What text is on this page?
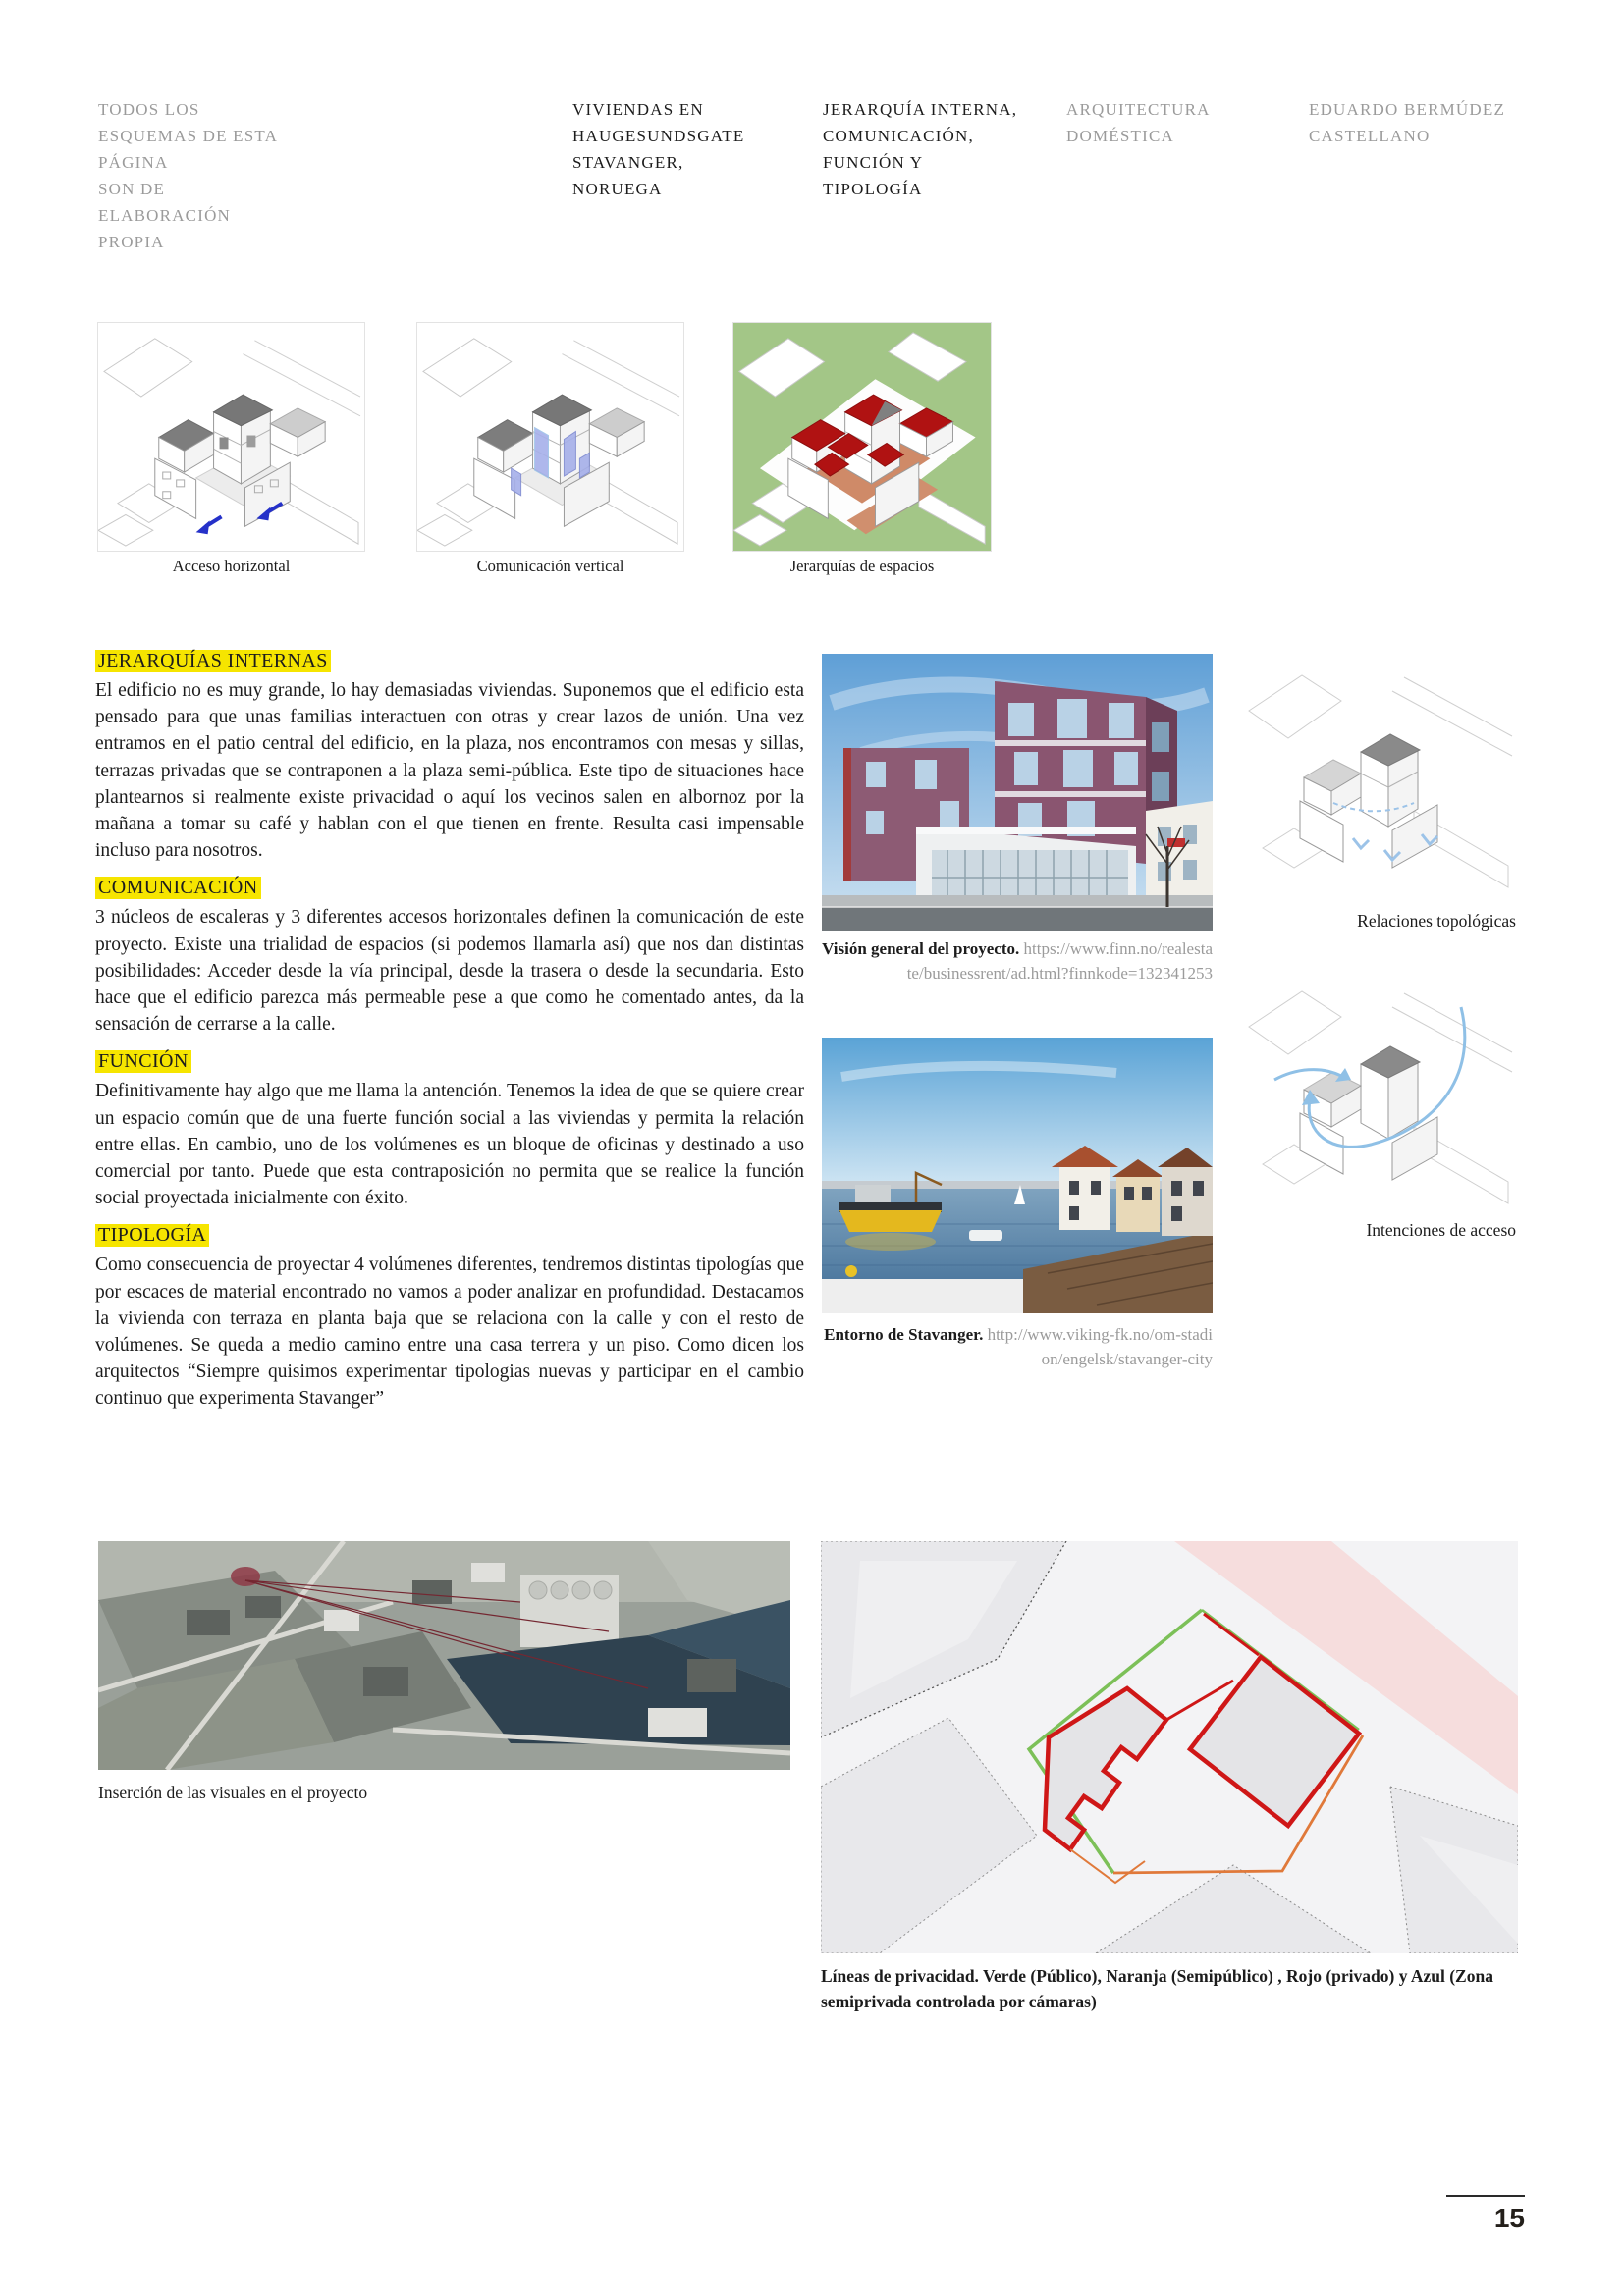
TODOS LOS
ESQUEMAS DE ESTA
PÁGINA
SON DE
ELABORACIÓN
PROPIA
VIVIENDAS EN
HAUGESUNDSGATE
STAVANGER,
NORUEGA
JERARQUÍA INTERNA,
COMUNICACIÓN,
FUNCIÓN Y
TIPOLOGÍA
ARQUITECTURA
DOMÉSTICA
EDUARDO BERMÚDEZ
CASTELLANO
Acceso horizontal	Comunicación vertical	Jerarquías de espacios
JERARQUÍAS INTERNAS

El edificio no es muy grande, lo hay demasiadas viviendas. Suponemos que el edificio esta pensado para que unas familias interactuen con otras y crear lazos de unión. Una vez entramos en el patio central del edificio, en la plaza, nos encontramos con mesas y sillas, terrazas privadas que se contraponen a la plaza semi-pública. Este tipo de situaciones hace plantearnos si realmente existe privacidad o aquí los vecinos salen en albornoz por la mañana a tomar su café y hablan con el que tienen en frente. Resulta casi impensable incluso para nosotros.

COMUNICACIÓN

3 núcleos de escaleras y 3 diferentes accesos horizontales definen la comunicación de este proyecto. Existe una trialidad de espacios (si podemos llamarla así) que nos dan distintas posibilidades: Acceder desde la vía principal, desde la trasera o desde la secundaria. Esto hace que el edificio parezca más permeable pese a que como he comentado antes, da la sensación de cerrarse a la calle.

FUNCIÓN

Definitivamente hay algo que me llama la antención. Tenemos la idea de que se quiere crear un espacio común que de una fuerte función social a las viviendas y permita la relación entre ellas. En cambio, uno de los volúmenes es un bloque de oficinas y destinado a uso comercial por tanto. Puede que esta contraposición no permita que se realice la función social proyectada inicialmente con éxito.

TIPOLOGÍA

Como consecuencia de proyectar 4 volúmenes diferentes, tendremos distintas tipologías que por escaces de material encontrado no vamos a poder analizar en profundidad. Destacamos la vivienda con terraza en planta baja que se relaciona con la calle y con el resto de volúmenes. Se queda a medio camino entre una casa terrera y un piso. Como dicen los arquitectos “Siempre quisimos experimentar tipologias nuevas y participar en el cambio continuo que experimenta Stavanger”

Visión general del proyecto. https://www.finn.no/realestate/businessrent/ad.html?finnkode=132341253
Entorno de Stavanger. http://www.viking-fk.no/om-stadion/engelsk/stavanger-city
Relaciones topológicas
Intenciones de acceso
Inserción de las visuales en el proyecto
Líneas de privacidad. Verde (Público), Naranja (Semipúblico) , Rojo (privado) y Azul (Zona semiprivada controlada por cámaras)
15
